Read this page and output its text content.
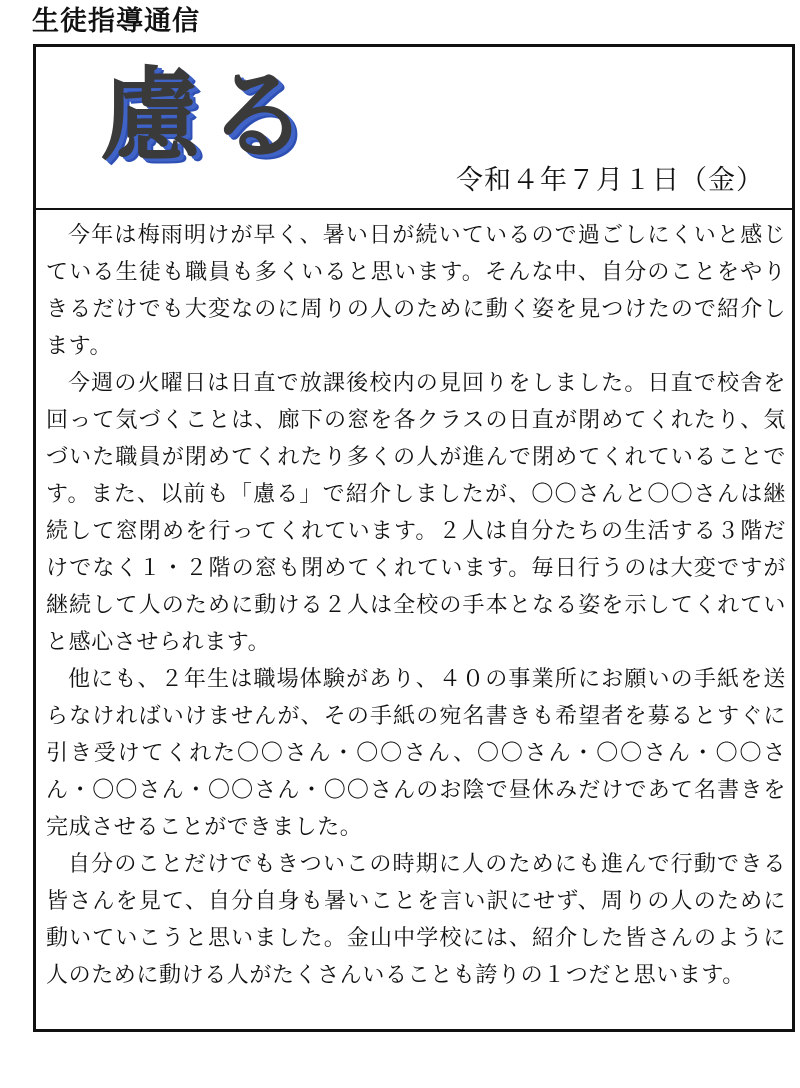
生徒指導通信
慮る
令和４年７月１日（金）

今年は梅雨明けが早く、暑い日が続いているので過ごしにくいと感じている生徒も職員も多くいると思います。そんな中、自分のことをやりきるだけでも大変なのに周りの人のために動く姿を見つけたので紹介します。

今週の火曜日は日直で放課後校内の見回りをしました。日直で校舎を回って気づくことは、廊下の窓を各クラスの日直が閉めてくれたり、気づいた職員が閉めてくれたり多くの人が進んで閉めてくれていることです。また、以前も「慮る」で紹介しましたが、〇〇さんと〇〇さんは継続して窓閉めを行ってくれています。２人は自分たちの生活する３階だけでなく１・２階の窓も閉めてくれています。毎日行うのは大変ですが継続して人のために動ける２人は全校の手本となる姿を示してくれていと感心させられます。

他にも、２年生は職場体験があり、４０の事業所にお願いの手紙を送らなければいけませんが、その手紙の宛名書きも希望者を募るとすぐに引き受けてくれた〇〇さん・〇〇さん、〇〇さん・〇〇さん・〇〇さん・〇〇さん・〇〇さん・〇〇さんのお陰で昼休みだけであて名書きを完成させることができました。

自分のことだけでもきついこの時期に人のためにも進んで行動できる皆さんを見て、自分自身も暑いことを言い訳にせず、周りの人のために動いていこうと思いました。金山中学校には、紹介した皆さんのように人のために動ける人がたくさんいることも誇りの１つだと思います。
